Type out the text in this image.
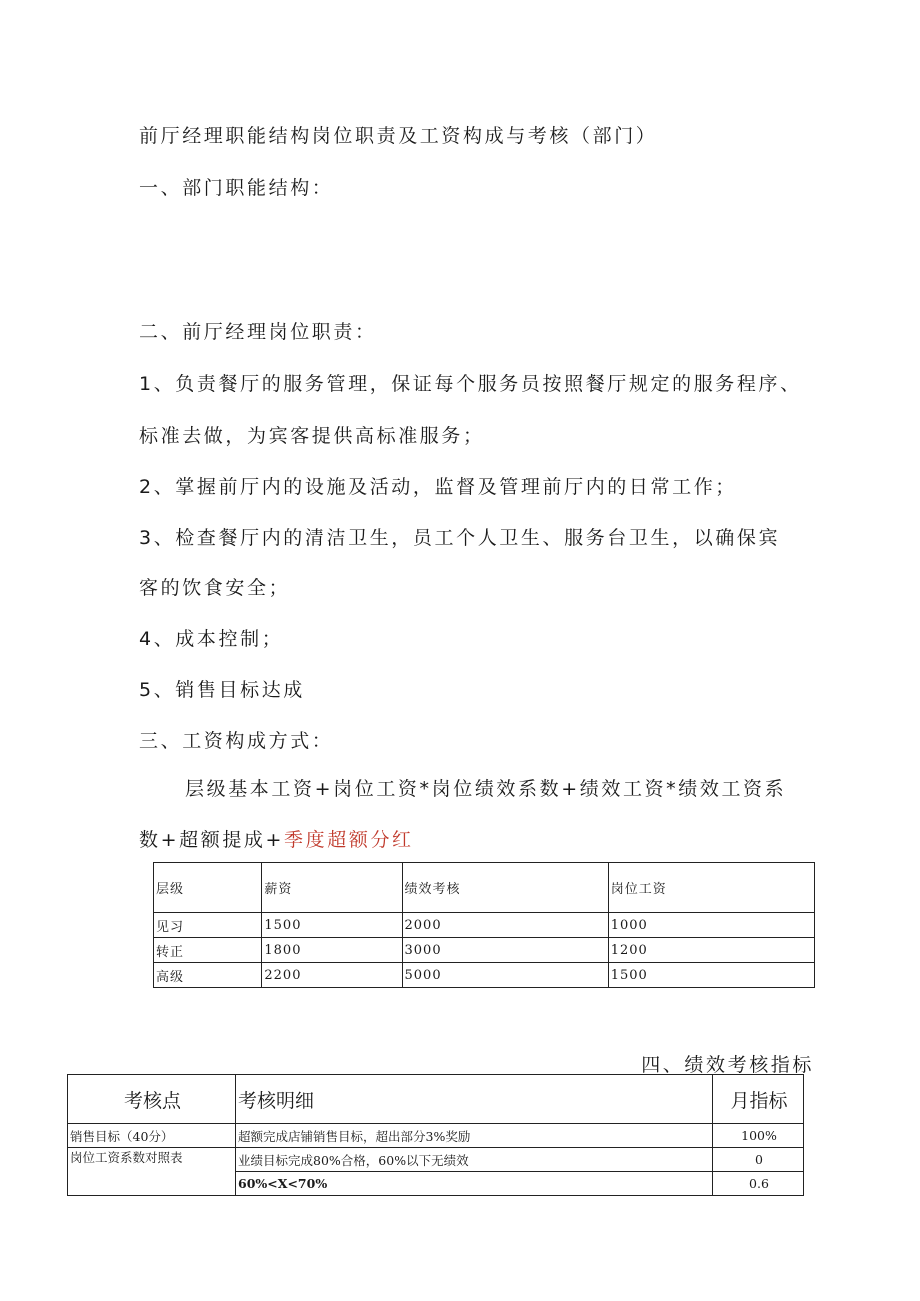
前厅经理职能结构岗位职责及工资构成与考核（部门）
一、部门职能结构：
二、前厅经理岗位职责：
1、负责餐厅的服务管理，保证每个服务员按照餐厅规定的服务程序、
标准去做，为宾客提供高标准服务；
2、掌握前厅内的设施及活动，监督及管理前厅内的日常工作；
3、检查餐厅内的清洁卫生，员工个人卫生、服务台卫生，以确保宾
客的饮食安全；
4、成本控制；
5、销售目标达成
三、工资构成方式：
层级基本工资+岗位工资*岗位绩效系数+绩效工资*绩效工资系
数+超额提成+季度超额分红
层级	薪资	绩效考核	岗位工资
见习	1500	2000	1000
转正	1800	3000	1200
高级	2200	5000	1500
四、绩效考核指标
考核点	考核明细	月指标
销售目标（40分）	超额完成店铺销售目标，超出部分3%奖励	100%
岗位工资系数对照表	业绩目标完成80%合格，60%以下无绩效	0
	60%<X<70%	0.6
